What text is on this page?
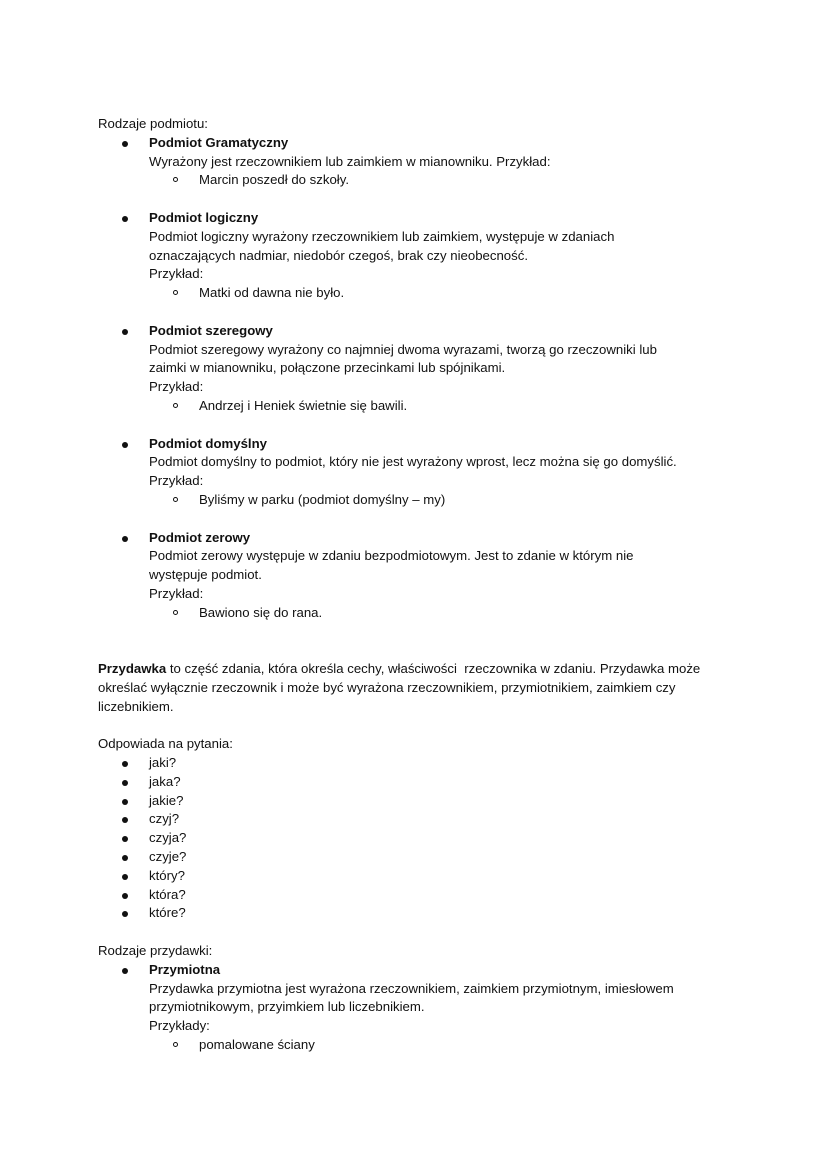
Rodzaje podmiotu:
Podmiot Gramatyczny
Wyrażony jest rzeczownikiem lub zaimkiem w mianowniku. Przykład:
Marcin poszedł do szkoły.
Podmiot logiczny
Podmiot logiczny wyrażony rzeczownikiem lub zaimkiem, występuje w zdaniach
oznaczających nadmiar, niedobór czegoś, brak czy nieobecność.
Przykład:
Matki od dawna nie było.
Podmiot szeregowy
Podmiot szeregowy wyrażony co najmniej dwoma wyrazami, tworzą go rzeczowniki lub
zaimki w mianowniku, połączone przecinkami lub spójnikami.
Przykład:
Andrzej i Heniek świetnie się bawili.
Podmiot domyślny
Podmiot domyślny to podmiot, który nie jest wyrażony wprost, lecz można się go domyślić.
Przykład:
Byliśmy w parku (podmiot domyślny – my)
Podmiot zerowy
Podmiot zerowy występuje w zdaniu bezpodmiotowym. Jest to zdanie w którym nie
występuje podmiot.
Przykład:
Bawiono się do rana.
Przydawka to część zdania, która określa cechy, właściwości  rzeczownika w zdaniu. Przydawka może
określać wyłącznie rzeczownik i może być wyrażona rzeczownikiem, przymiotnikiem, zaimkiem czy
liczebnikiem.
Odpowiada na pytania:
jaki?
jaka?
jakie?
czyj?
czyja?
czyje?
który?
która?
które?
Rodzaje przydawki:
Przymiotna
Przydawka przymiotna jest wyrażona rzeczownikiem, zaimkiem przymiotnym, imiesłowem
przymiotnikowym, przyimkiem lub liczebnikiem.
Przykłady:
pomalowane ściany
